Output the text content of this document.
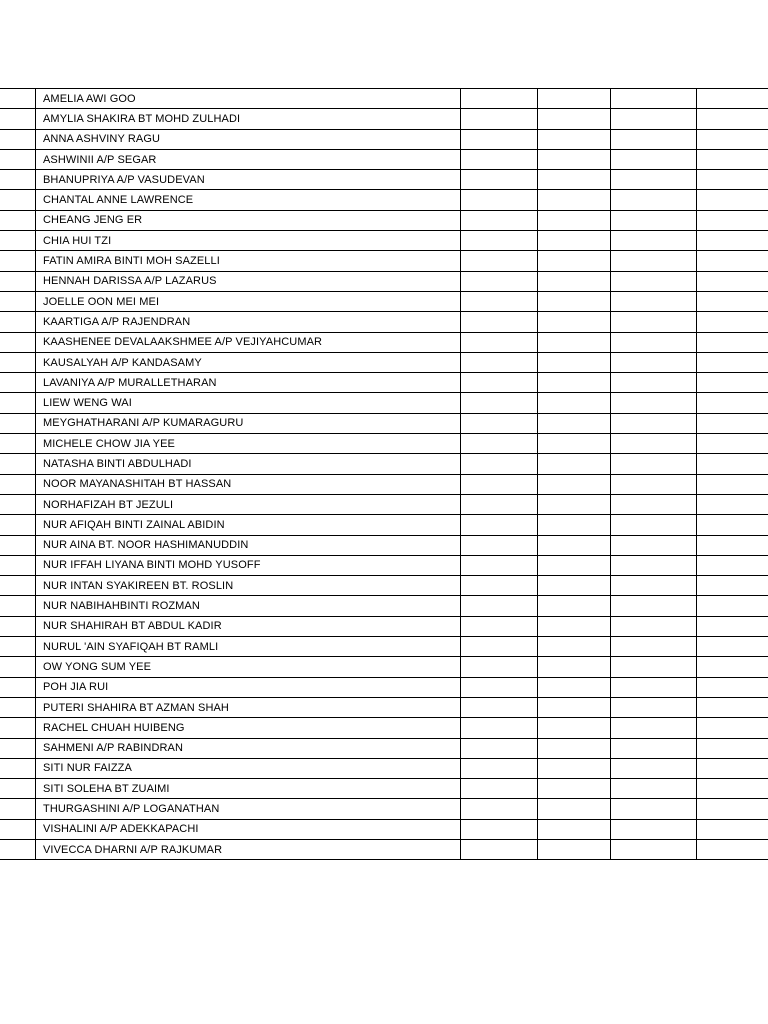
	AMELIA AWI GOO				
	AMYLIA SHAKIRA BT MOHD ZULHADI				
	ANNA ASHVINY RAGU				
	ASHWINII A/P SEGAR				
	BHANUPRIYA A/P VASUDEVAN				
	CHANTAL ANNE LAWRENCE				
	CHEANG JENG ER				
	CHIA HUI TZI				
	FATIN AMIRA BINTI MOH SAZELLI				
	HENNAH DARISSA A/P LAZARUS				
	JOELLE OON MEI MEI				
	KAARTIGA A/P RAJENDRAN				
	KAASHENEE DEVALAAKSHMEE A/P VEJIYAHCUMAR				
	KAUSALYAH A/P KANDASAMY				
	LAVANIYA A/P MURALLETHARAN				
	LIEW WENG WAI				
	MEYGHATHARANI A/P KUMARAGURU				
	MICHELE CHOW JIA YEE				
	NATASHA BINTI ABDULHADI				
	NOOR MAYANASHITAH BT HASSAN				
	NORHAFIZAH BT JEZULI				
	NUR AFIQAH BINTI ZAINAL ABIDIN				
	NUR AINA BT. NOOR HASHIMANUDDIN				
	NUR IFFAH LIYANA BINTI MOHD YUSOFF				
	NUR INTAN SYAKIREEN BT. ROSLIN				
	NUR NABIHAHBINTI ROZMAN				
	NUR SHAHIRAH BT ABDUL KADIR				
	NURUL 'AIN SYAFIQAH BT RAMLI				
	OW YONG SUM YEE				
	POH JIA RUI				
	PUTERI SHAHIRA BT AZMAN SHAH				
	RACHEL CHUAH HUIBENG				
	SAHMENI A/P RABINDRAN				
	SITI NUR FAIZZA				
	SITI SOLEHA BT ZUAIMI				
	THURGASHINI A/P LOGANATHAN				
	VISHALINI A/P ADEKKAPACHI				
	VIVECCA DHARNI A/P RAJKUMAR				
